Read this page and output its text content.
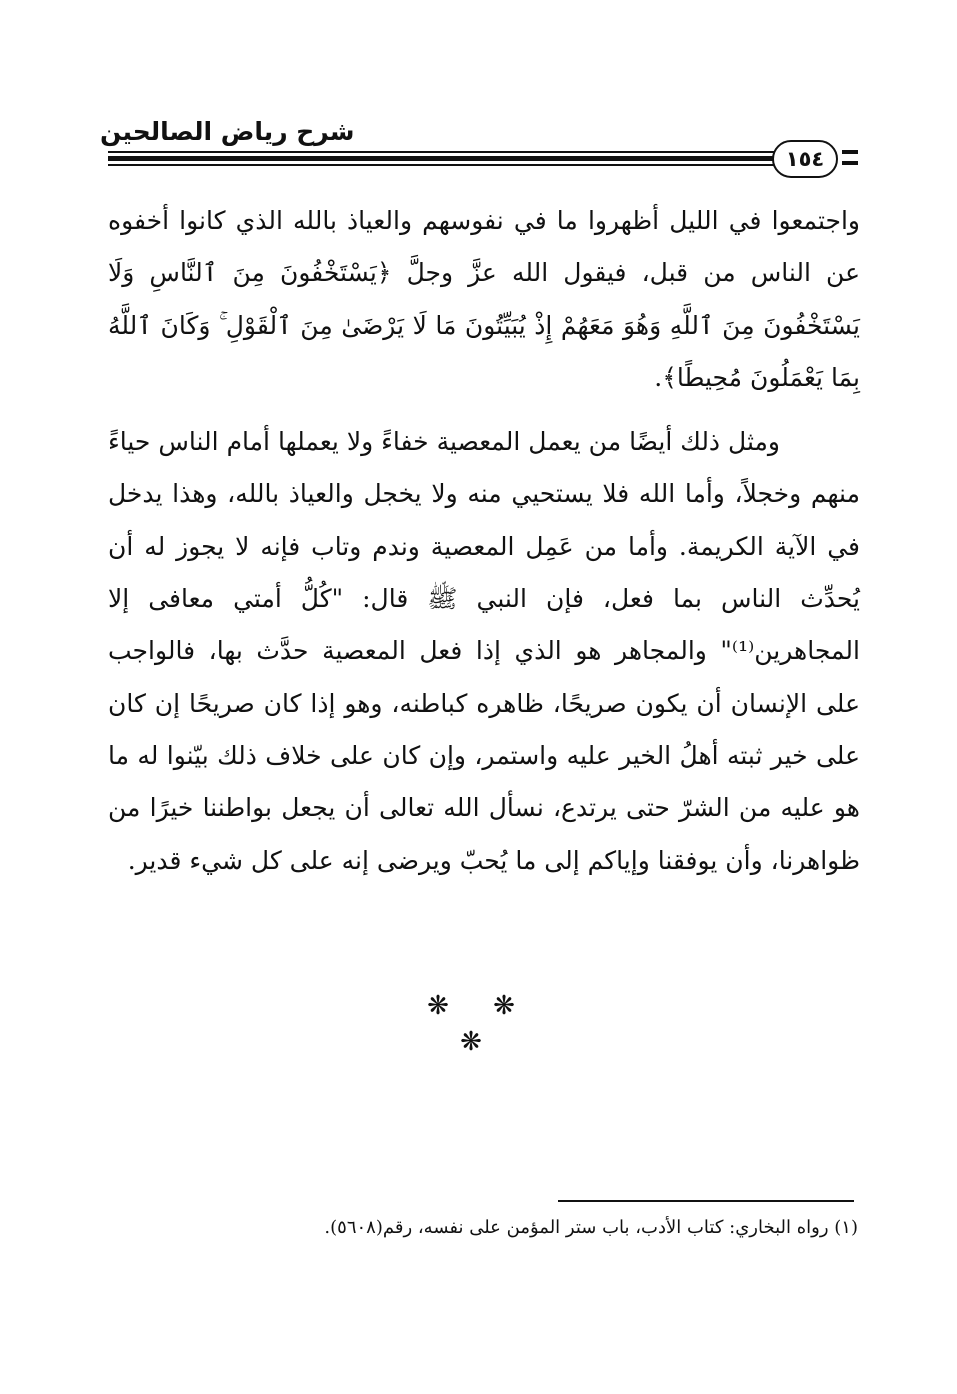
شرح رياض الصالحين
١٥٤

واجتمعوا في الليل أظهروا ما في نفوسهم والعياذ بالله الذي كانوا أخفوه عن الناس من قبل، فيقول الله عزَّ وجلَّ ﴿يَسْتَخْفُونَ مِنَ ٱلنَّاسِ وَلَا يَسْتَخْفُونَ مِنَ ٱللَّهِ وَهُوَ مَعَهُمْ إِذْ يُبَيِّتُونَ مَا لَا يَرْضَىٰ مِنَ ٱلْقَوْلِ ۚ وَكَانَ ٱللَّهُ بِمَا يَعْمَلُونَ مُحِيطًا﴾.

ومثل ذلك أيضًا من يعمل المعصية خفاءً ولا يعملها أمام الناس حياءً منهم وخجلاً، وأما الله فلا يستحيي منه ولا يخجل والعياذ بالله، وهذا يدخل في الآية الكريمة. وأما من عَمِل المعصية وندم وتاب فإنه لا يجوز له أن يُحدِّث الناس بما فعل، فإن النبي ﷺ قال: "كُلُّ أمتي معافى إلا المجاهرين⁽¹⁾" والمجاهر هو الذي إذا فعل المعصية حدَّث بها، فالواجب على الإنسان أن يكون صريحًا، ظاهره كباطنه، وهو إذا كان صريحًا إن كان على خير ثبته أهلُ الخير عليه واستمر، وإن كان على خلاف ذلك بيّنوا له ما هو عليه من الشرّ حتى يرتدع، نسأل الله تعالى أن يجعل بواطننا خيرًا من ظواهرنا، وأن يوفقنا وإياكم إلى ما يُحبّ ويرضى إنه على كل شيء قدير.

❋ ❋ ❋
(١) رواه البخاري: كتاب الأدب، باب ستر المؤمن على نفسه، رقم(٥٦٠٨).
